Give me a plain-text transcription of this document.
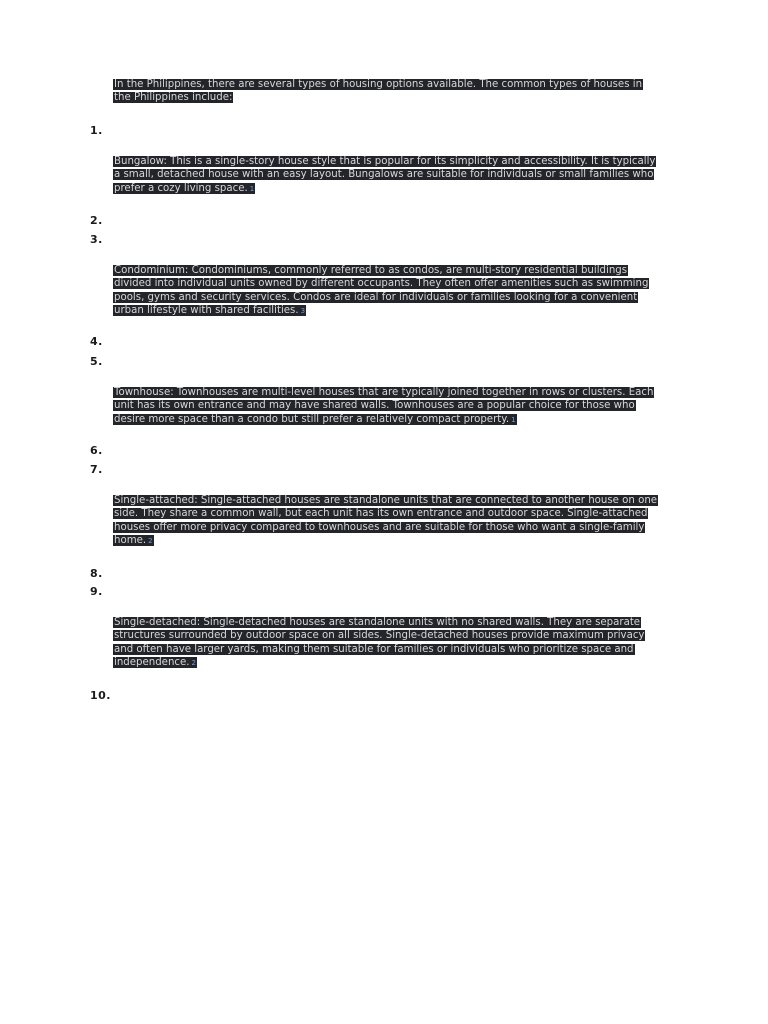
In the Philippines, there are several types of housing options available. The common types of houses in the Philippines include:
1.
Bungalow: This is a single-story house style that is popular for its simplicity and accessibility. It is typically a small, detached house with an easy layout. Bungalows are suitable for individuals or small families who prefer a cozy living space. 1
2.
3.
Condominium: Condominiums, commonly referred to as condos, are multi-story residential buildings divided into individual units owned by different occupants. They often offer amenities such as swimming pools, gyms and security services. Condos are ideal for individuals or families looking for a convenient urban lifestyle with shared facilities. 3
4.
5.
Townhouse: Townhouses are multi-level houses that are typically joined together in rows or clusters. Each unit has its own entrance and may have shared walls. Townhouses are a popular choice for those who desire more space than a condo but still prefer a relatively compact property. 1
6.
7.
Single-attached: Single-attached houses are standalone units that are connected to another house on one side. They share a common wall, but each unit has its own entrance and outdoor space. Single-attached houses offer more privacy compared to townhouses and are suitable for those who want a single-family home. 2
8.
9.
Single-detached: Single-detached houses are standalone units with no shared walls. They are separate structures surrounded by outdoor space on all sides. Single-detached houses provide maximum privacy and often have larger yards, making them suitable for families or individuals who prioritize space and independence. 2
10.
